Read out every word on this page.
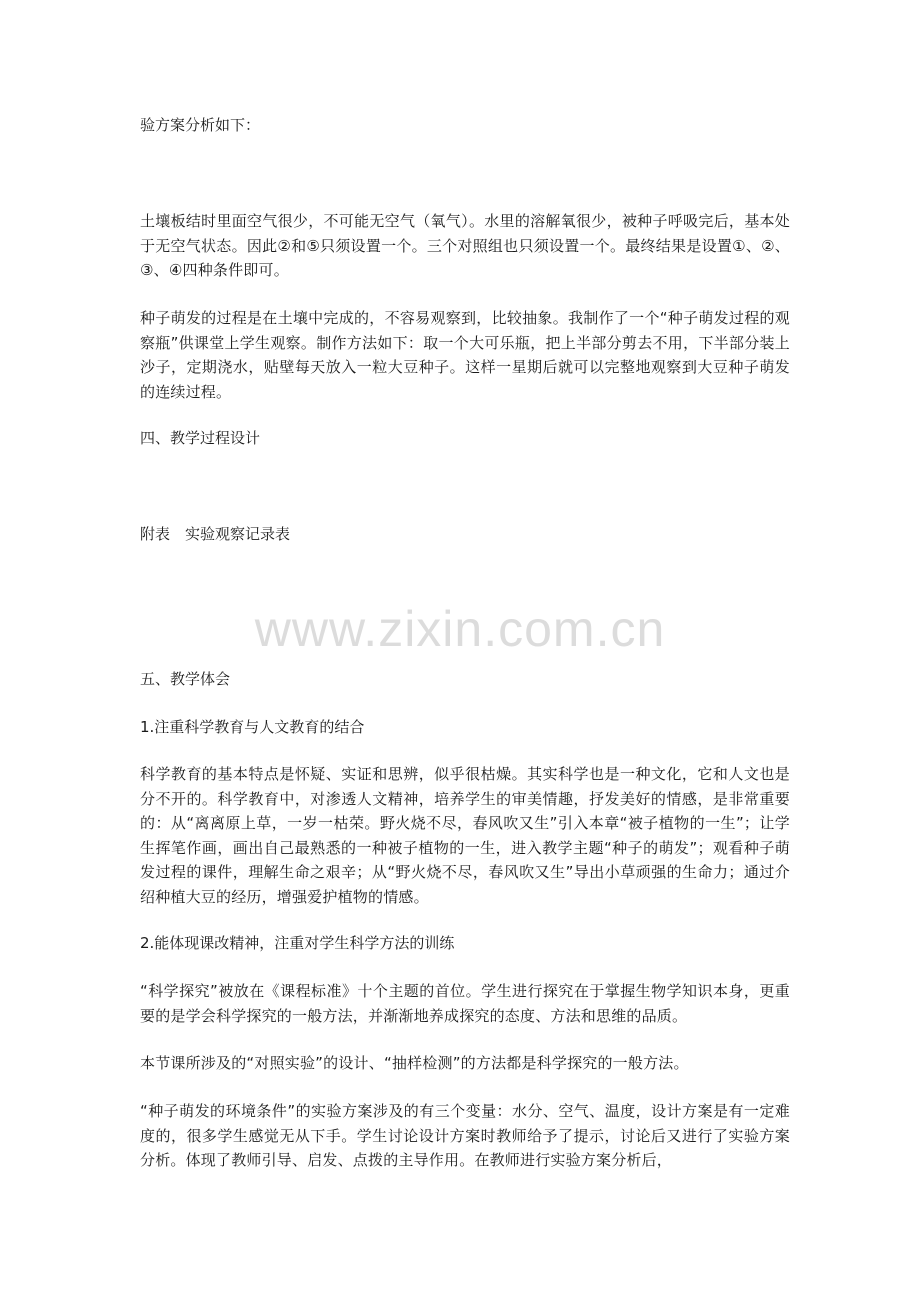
验方案分析如下：

土壤板结时里面空气很少，不可能无空气（氧气）。水里的溶解氧很少，被种子呼吸完后，基本处于无空气状态。因此②和⑤只须设置一个。三个对照组也只须设置一个。最终结果是设置①、②、③、④四种条件即可。

种子萌发的过程是在土壤中完成的，不容易观察到，比较抽象。我制作了一个“种子萌发过程的观察瓶”供课堂上学生观察。制作方法如下：取一个大可乐瓶，把上半部分剪去不用，下半部分装上沙子，定期浇水，贴壁每天放入一粒大豆种子。这样一星期后就可以完整地观察到大豆种子萌发的连续过程。

四、教学过程设计

附表　实验观察记录表

www.zixin.com.cn

五、教学体会

1.注重科学教育与人文教育的结合

科学教育的基本特点是怀疑、实证和思辨，似乎很枯燥。其实科学也是一种文化，它和人文也是分不开的。科学教育中，对渗透人文精神，培养学生的审美情趣，抒发美好的情感，是非常重要的：从“离离原上草，一岁一枯荣。野火烧不尽，春风吹又生”引入本章“被子植物的一生”；让学生挥笔作画，画出自己最熟悉的一种被子植物的一生，进入教学主题“种子的萌发”；观看种子萌发过程的课件，理解生命之艰辛；从“野火烧不尽，春风吹又生”导出小草顽强的生命力；通过介绍种植大豆的经历，增强爱护植物的情感。

2.能体现课改精神，注重对学生科学方法的训练

“科学探究”被放在《课程标准》十个主题的首位。学生进行探究在于掌握生物学知识本身，更重要的是学会科学探究的一般方法，并渐渐地养成探究的态度、方法和思维的品质。

本节课所涉及的“对照实验”的设计、“抽样检测”的方法都是科学探究的一般方法。

“种子萌发的环境条件”的实验方案涉及的有三个变量：水分、空气、温度，设计方案是有一定难度的，很多学生感觉无从下手。学生讨论设计方案时教师给予了提示，讨论后又进行了实验方案分析。体现了教师引导、启发、点拨的主导作用。在教师进行实验方案分析后，
